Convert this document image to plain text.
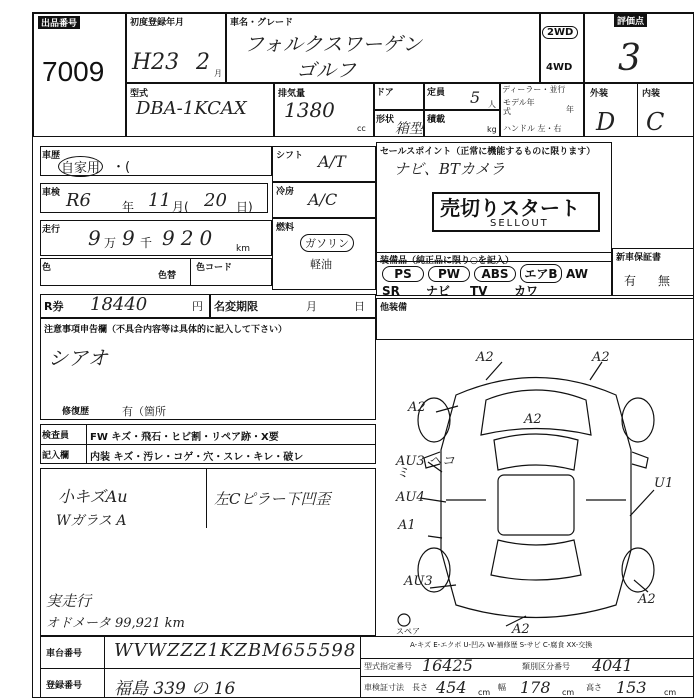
出品番号
7009
初度登録年月
H23 2 月
車名・グレード
フォルクスワーゲン
ゴルフ
2WD
4WD
評価点
3
型式
DBA-1KCAX
排気量
1380
cc
ドア	定員 5 人
ディーラー・並行
モデル年式	年
ハンドル 左・右
形状
箱型
積載
kg
外装	内装
D C
車歴
自家用 ・(
車検 R6	年 11 月( 20 日)
走行 9 万 9 千 920 km
色
色替
色コード
シフト A/T
冷房 A/C
燃料
ガソリン
軽油
R券 18440	円 名変期限	月	日
注意事項申告欄（不具合内容等は具体的に記入して下さい）
シアオ
修復歴	有（箇所
検査員
記入欄
FW キズ・飛石・ヒビ割・リペア跡・X要
内装 キズ・汚レ・コゲ・穴・スレ・キレ・破レ
小キズAu
Wガラス A
左Cピラー下凹歪
実走行
オドメータ 99,921 km
セールスポイント（正常に機能するものに限ります）
ナビ、BTカメラ
売切りスタート
SELLOUT
装備品（純正品に限り○を記入）
PS PW ABS エアB AW
SR ナビ TV カワ
新車保証書
有 無
他装備
A2	A2
A2
A2
AU3 ヘコミ
AU4
A1
AU3
A2
U1
A2
スペア
A-キズ E-エクボ U-凹み W-補修歴 S-サビ C-腐食 XX-交換
車台番号 WVWZZZ1KZBM655598
登録番号 福島 339 の 16
型式指定番号 16425	類別区分番号 4041
車検証寸法 長さ 454 cm
幅 178 cm
高さ 153 cm
